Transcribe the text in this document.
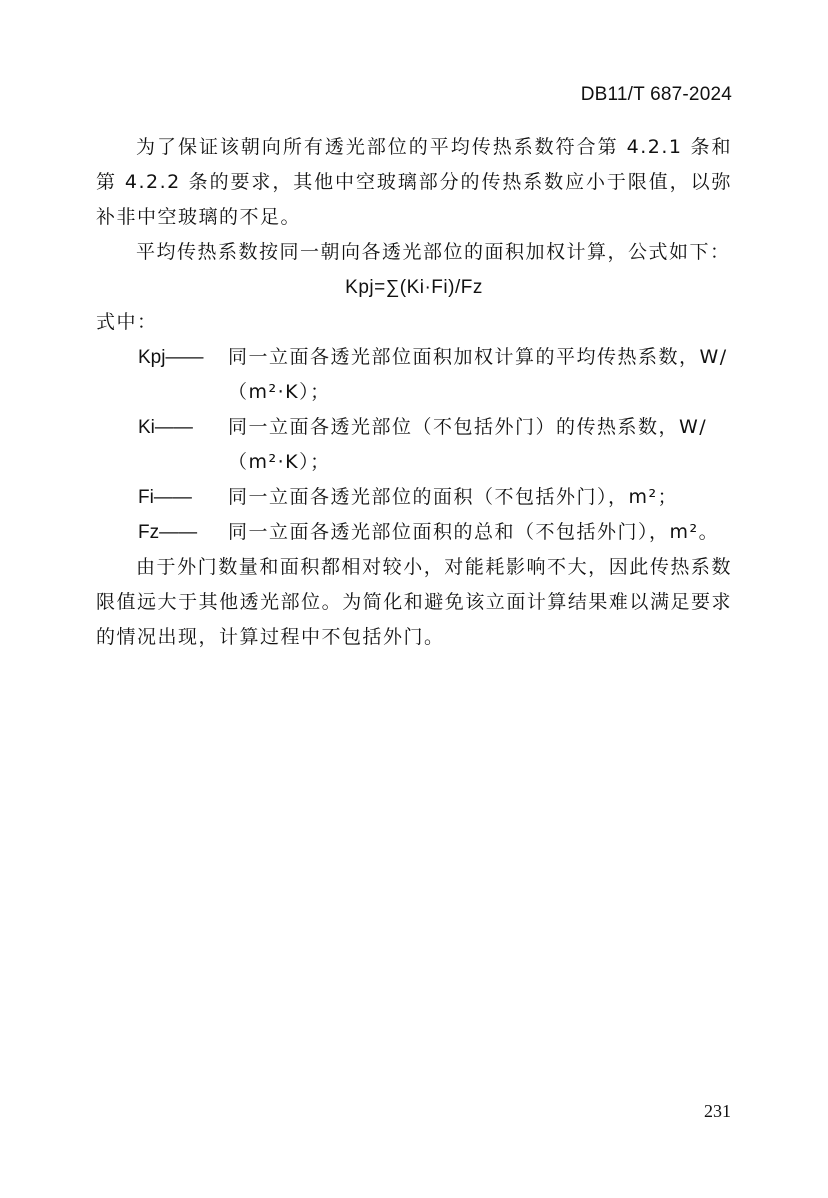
DB11/T 687-2024

为了保证该朝向所有透光部位的平均传热系数符合第 4.2.1 条和第 4.2.2 条的要求，其他中空玻璃部分的传热系数应小于限值，以弥补非中空玻璃的不足。

平均传热系数按同一朝向各透光部位的面积加权计算，公式如下：

Kpj=∑(Ki·Fi)/Fz

式中：

Kpj——	同一立面各透光部位面积加权计算的平均传热系数，W/（m²·K）；
Ki——	同一立面各透光部位（不包括外门）的传热系数，W/（m²·K）；
Fi——	同一立面各透光部位的面积（不包括外门），m²；
Fz——	同一立面各透光部位面积的总和（不包括外门），m²。

由于外门数量和面积都相对较小，对能耗影响不大，因此传热系数限值远大于其他透光部位。为简化和避免该立面计算结果难以满足要求的情况出现，计算过程中不包括外门。

231
